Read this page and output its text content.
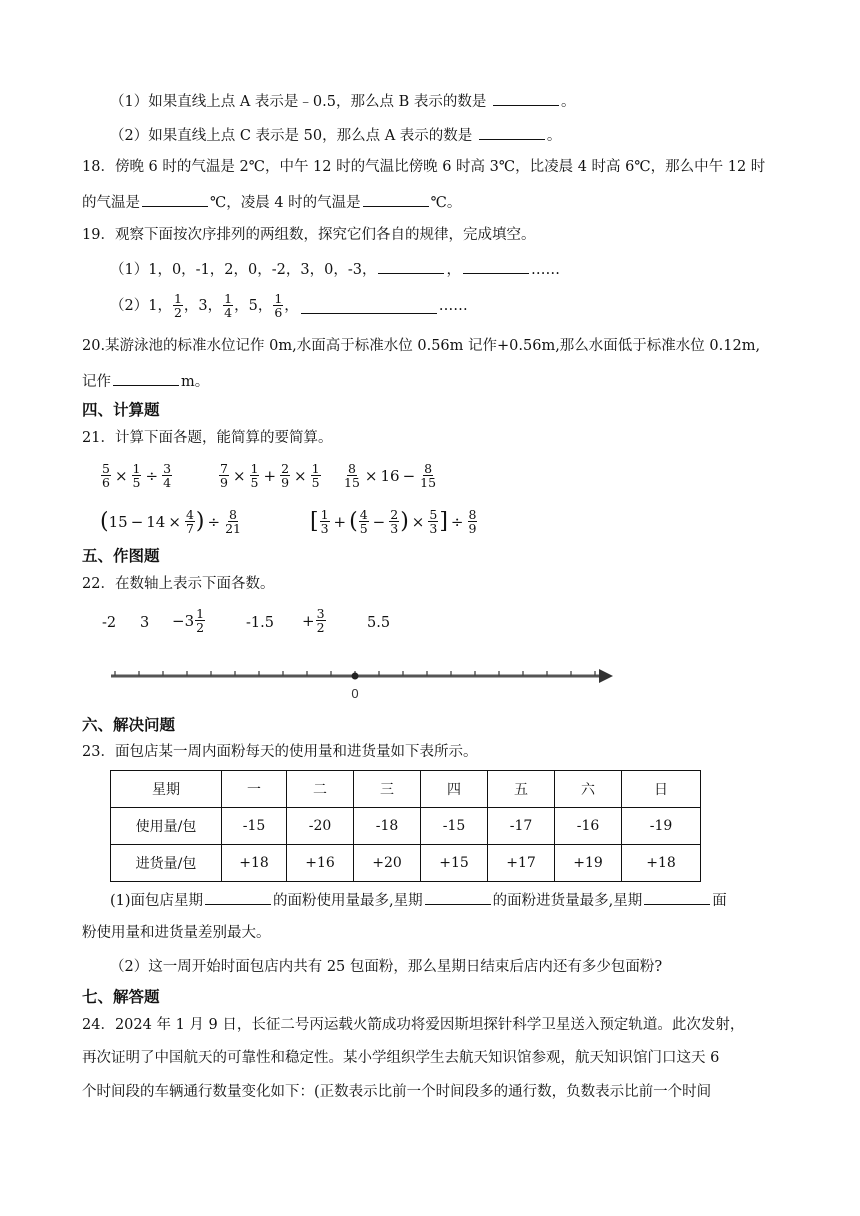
（1）如果直线上点 A 表示是﹣0.5，那么点 B 表示的数是	。
（2）如果直线上点 C 表示是 50，那么点 A 表示的数是	。
18．傍晚 6 时的气温是 2℃，中午 12 时的气温比傍晚 6 时高 3℃，比凌晨 4 时高 6℃，那么中午 12 时
的气温是	℃，凌晨 4 时的气温是	℃。
19．观察下面按次序排列的两组数，探究它们各自的规律，完成填空。
（1）1，0，-1，2，0，-2，3，0，-3，	，	……
（2）1， $\frac{1}{2}$ ，3， $\frac{1}{4}$ ，5， $\frac{1}{6}$ ，	……
20.某游泳池的标准水位记作 0m,水面高于标准水位 0.56m 记作+0.56m,那么水面低于标准水位 0.12m,
记作	m。
四、计算题
21．计算下面各题，能简算的要简算。
$\frac{5}{6} \times \frac{1}{5} \div \frac{3}{4}$	$\frac{7}{9} \times \frac{1}{5} + \frac{2}{9} \times \frac{1}{5} \frac{8}{15} \times 16 - \frac{8}{15}$
( $15 - 14 \times \frac{4}{7}$ ) ÷ $\frac{8}{21}$	[ $\frac{1}{3}$ + ( $\frac{4}{5} - \frac{2}{3}$ ) × $\frac{5}{3}$ ] ÷ $\frac{8}{9}$
五、作图题
22．在数轴上表示下面各数。
-2 $3 -3 \frac{1}{2}$	$-1.5 + \frac{3}{2}$	5.5
0
六、解决问题
23．面包店某一周内面粉每天的使用量和进货量如下表所示。
星期	一	二	三	四	五	六	日
使用量/包	-15	-20	-18	-15	-17	-16	-19
进货量/包	+18	+16	+20	+15	+17	+19	+18
(1)面包店星期	的面粉使用量最多,星期	的面粉进货量最多,星期	面
粉使用量和进货量差别最大。
（2）这一周开始时面包店内共有 25 包面粉，那么星期日结束后店内还有多少包面粉?
七、解答题
24．2024 年 1 月 9 日，长征二号丙运载火箭成功将爱因斯坦探针科学卫星送入预定轨道。此次发射，
再次证明了中国航天的可靠性和稳定性。某小学组织学生去航天知识馆参观，航天知识馆门口这天 6
个时间段的车辆通行数量变化如下：(正数表示比前一个时间段多的通行数，负数表示比前一个时间
